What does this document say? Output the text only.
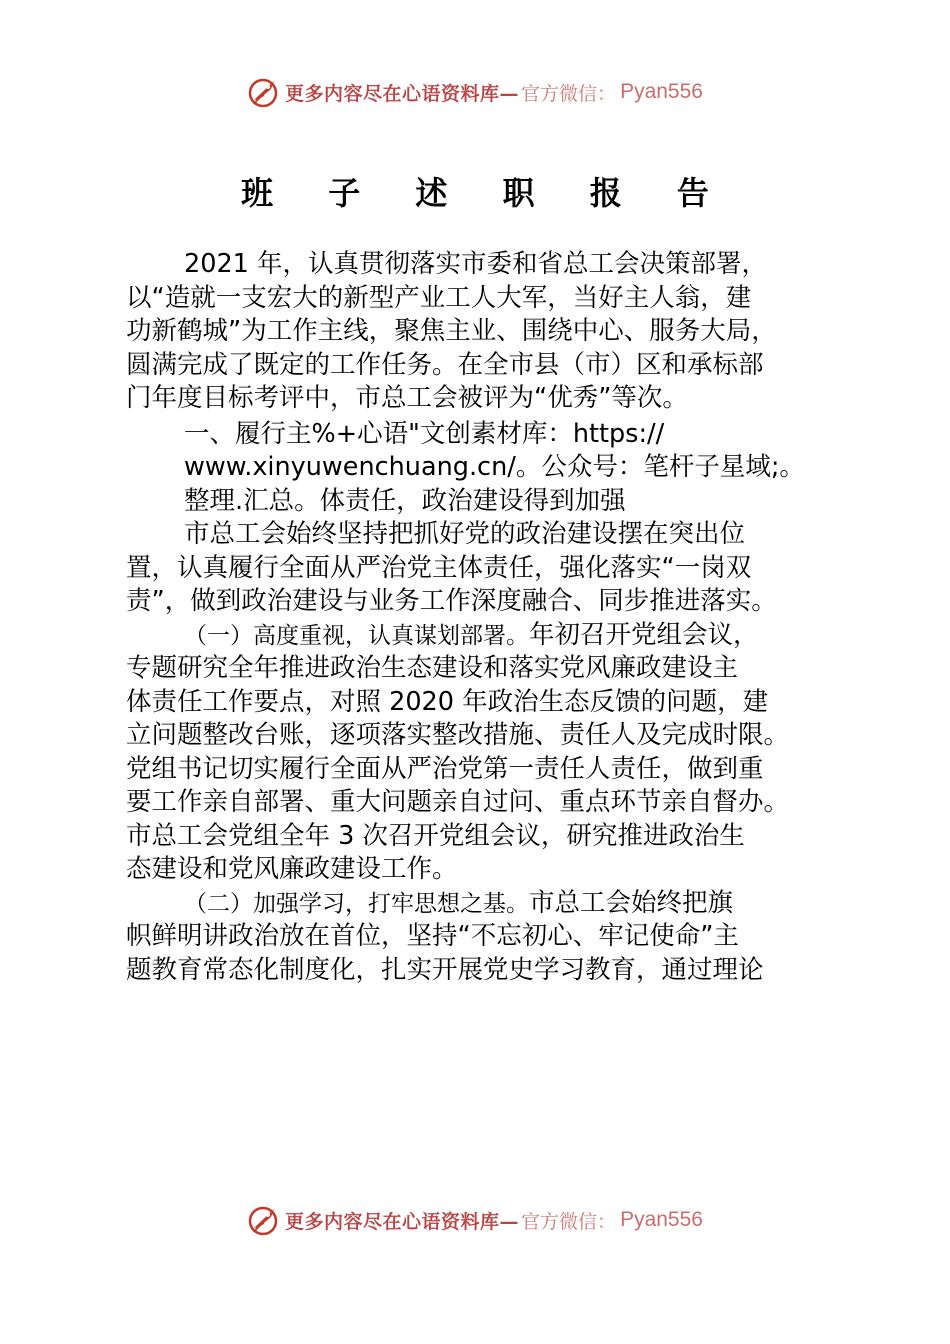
更多内容尽在心语资料库— 官方微信： Pyan556
班 子 述 职 报 告
2021 年，认真贯彻落实市委和省总工会决策部署，
以“造就一支宏大的新型产业工人大军，当好主人翁，建
功新鹤城”为工作主线，聚焦主业、围绕中心、服务大局，
圆满完成了既定的工作任务。在全市县（市）区和承标部
门年度目标考评中，市总工会被评为“优秀”等次。
一、履行主%+心语"文创素材库：https://
www.xinyuwenchuang.cn/。公众号：笔杆子星域;。
整理.汇总。体责任，政治建设得到加强
市总工会始终坚持把抓好党的政治建设摆在突出位
置，认真履行全面从严治党主体责任，强化落实“一岗双
责”，做到政治建设与业务工作深度融合、同步推进落实。
（一）高度重视，认真谋划部署。年初召开党组会议，
专题研究全年推进政治生态建设和落实党风廉政建设主
体责任工作要点，对照 2020 年政治生态反馈的问题，建
立问题整改台账，逐项落实整改措施、责任人及完成时限。
党组书记切实履行全面从严治党第一责任人责任，做到重
要工作亲自部署、重大问题亲自过问、重点环节亲自督办。
市总工会党组全年 3 次召开党组会议，研究推进政治生
态建设和党风廉政建设工作。
（二）加强学习，打牢思想之基。市总工会始终把旗
帜鲜明讲政治放在首位，坚持“不忘初心、牢记使命”主
题教育常态化制度化，扎实开展党史学习教育，通过理论
更多内容尽在心语资料库— 官方微信： Pyan556
